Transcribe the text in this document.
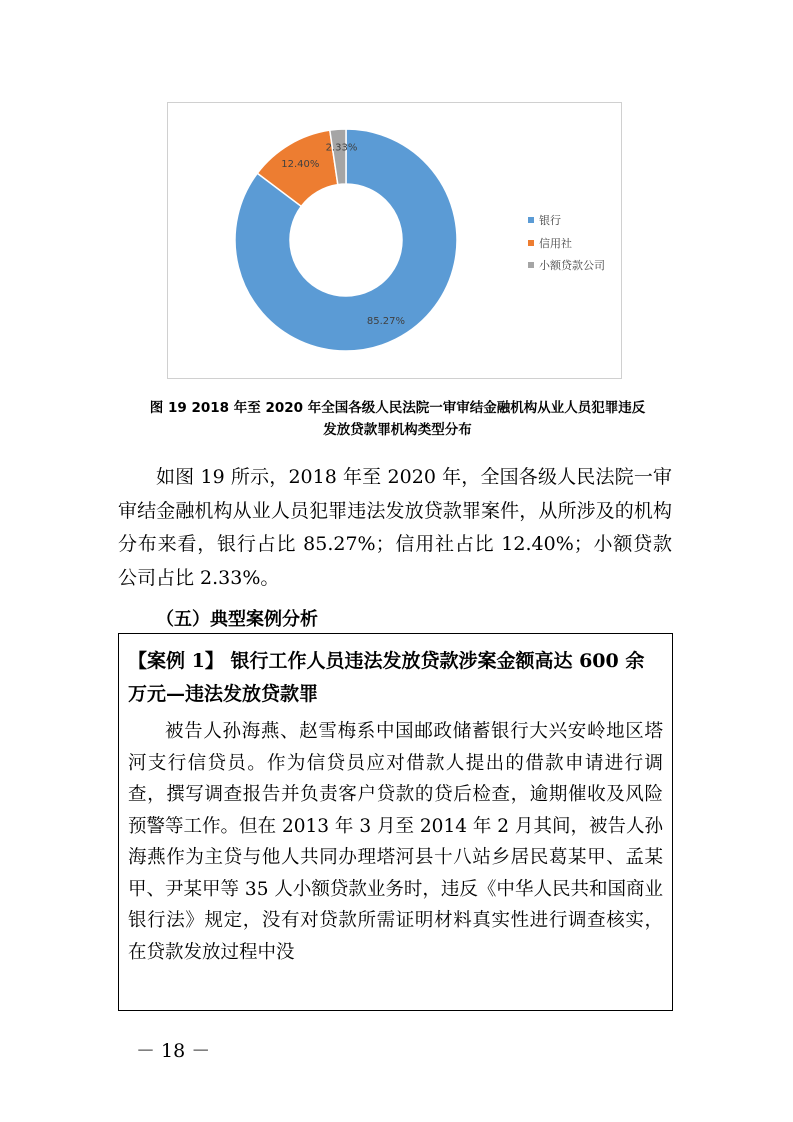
85.27%
12.40%
2.33%
银行
信用社
小额贷款公司
图 19 2018 年至 2020 年全国各级人民法院一审审结金融机构从业人员犯罪违反
发放贷款罪机构类型分布

如图 19 所示，2018 年至 2020 年，全国各级人民法院一审审结金融机构从业人员犯罪违法发放贷款罪案件，从所涉及的机构分布来看，银行占比 85.27%；信用社占比 12.40%；小额贷款公司占比 2.33%。

（五）典型案例分析
【案例 1】 银行工作人员违法发放贷款涉案金额高达 600 余万元—违法发放贷款罪
被告人孙海燕、赵雪梅系中国邮政储蓄银行大兴安岭地区塔河支行信贷员。作为信贷员应对借款人提出的借款申请进行调查，撰写调查报告并负责客户贷款的贷后检查，逾期催收及风险预警等工作。但在 2013 年 3 月至 2014 年 2 月其间，被告人孙海燕作为主贷与他人共同办理塔河县十八站乡居民葛某甲、孟某甲、尹某甲等 35 人小额贷款业务时，违反《中华人民共和国商业银行法》规定，没有对贷款所需证明材料真实性进行调查核实，在贷款发放过程中没
－ 18 －
